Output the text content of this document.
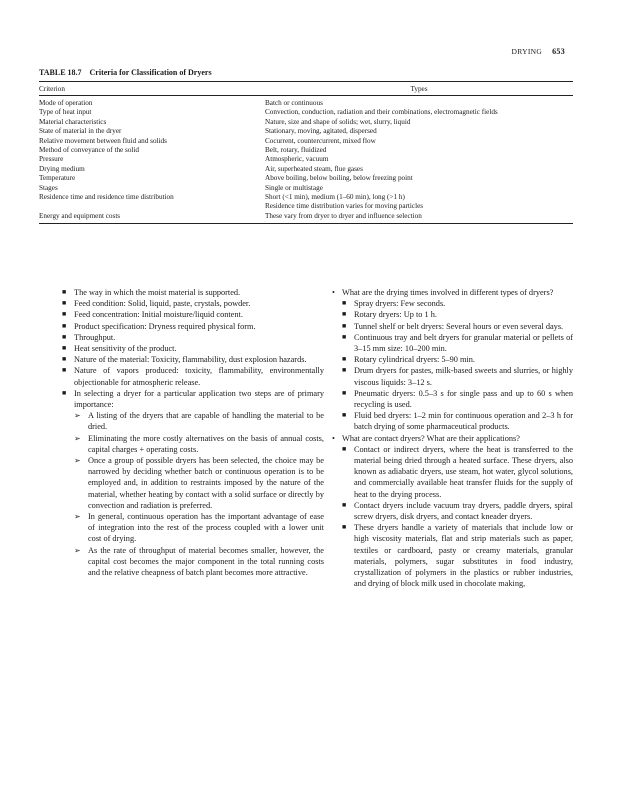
DRYING 653
TABLE 18.7 Criteria for Classification of Dryers
Criterion	Types
Mode of operation	Batch or continuous
Type of heat input	Convection, conduction, radiation and their combinations, electromagnetic fields
Material characteristics	Nature, size and shape of solids; wet, slurry, liquid
State of material in the dryer	Stationary, moving, agitated, dispersed
Relative movement between fluid and solids	Cocurrent, countercurrent, mixed flow
Method of conveyance of the solid	Belt, rotary, fluidized
Pressure	Atmospheric, vacuum
Drying medium	Air, superheated steam, flue gases
Temperature	Above boiling, below boiling, below freezing point
Stages	Single or multistage
Residence time and residence time distribution	Short (<1 min), medium (1–60 min), long (>1 h)
Residence time distribution varies for moving particles
Energy and equipment costs	These vary from dryer to dryer and influence selection
■ The way in which the moist material is supported.
■ Feed condition: Solid, liquid, paste, crystals, powder.
■ Feed concentration: Initial moisture/liquid content.
■ Product specification: Dryness required physical form.
■ Throughput.
■ Heat sensitivity of the product.
■ Nature of the material: Toxicity, flammability, dust explosion hazards.
■ Nature of vapors produced: toxicity, flammability, environmentally objectionable for atmospheric release.
■ In selecting a dryer for a particular application two steps are of primary importance:
➢ A listing of the dryers that are capable of handling the material to be dried.
➢ Eliminating the more costly alternatives on the basis of annual costs, capital charges + operating costs.
➢ Once a group of possible dryers has been selected, the choice may be narrowed by deciding whether batch or continuous operation is to be employed and, in addition to restraints imposed by the nature of the material, whether heating by contact with a solid surface or directly by convection and radiation is preferred.
➢ In general, continuous operation has the important advantage of ease of integration into the rest of the process coupled with a lower unit cost of drying.
➢ As the rate of throughput of material becomes smaller, however, the capital cost becomes the major component in the total running costs and the relative cheapness of batch plant becomes more attractive.
• What are the drying times involved in different types of dryers?
■ Spray dryers: Few seconds.
■ Rotary dryers: Up to 1 h.
■ Tunnel shelf or belt dryers: Several hours or even several days.
■ Continuous tray and belt dryers for granular material or pellets of 3–15 mm size: 10–200 min.
■ Rotary cylindrical dryers: 5–90 min.
■ Drum dryers for pastes, milk-based sweets and slurries, or highly viscous liquids: 3–12 s.
■ Pneumatic dryers: 0.5–3 s for single pass and up to 60 s when recycling is used.
■ Fluid bed dryers: 1–2 min for continuous operation and 2–3 h for batch drying of some pharmaceutical products.
• What are contact dryers? What are their applications?
■ Contact or indirect dryers, where the heat is transferred to the material being dried through a heated surface. These dryers, also known as adiabatic dryers, use steam, hot water, glycol solutions, and commercially available heat transfer fluids for the supply of heat to the drying process.
■ Contact dryers include vacuum tray dryers, paddle dryers, spiral screw dryers, disk dryers, and contact kneader dryers.
■ These dryers handle a variety of materials that include low or high viscosity materials, flat and strip materials such as paper, textiles or cardboard, pasty or creamy materials, granular materials, polymers, sugar substitutes in food industry, crystallization of polymers in the plastics or rubber industries, and drying of block milk used in chocolate making,
